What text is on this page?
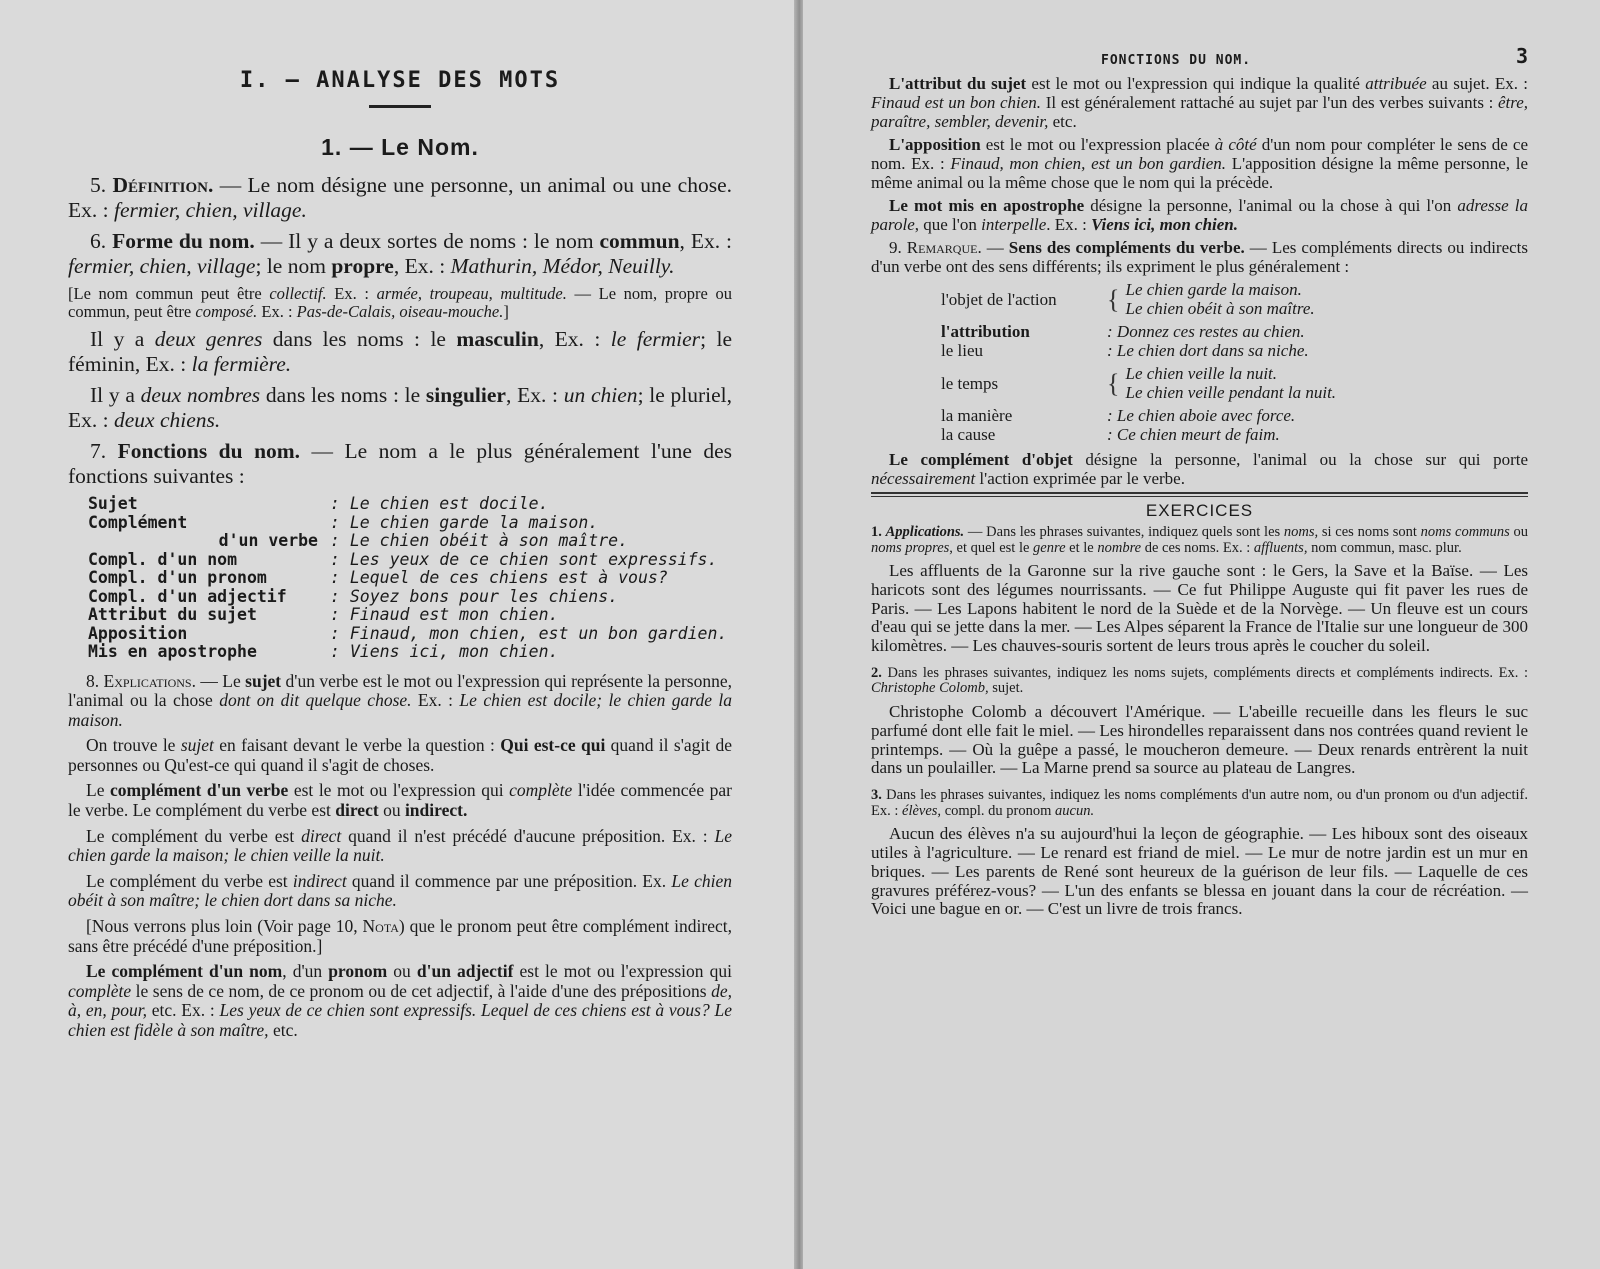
I. — ANALYSE DES MOTS
1. — Le Nom.

5. Définition. — Le nom désigne une personne, un animal ou une chose. Ex. : fermier, chien, village.

6. Forme du nom. — Il y a deux sortes de noms : le nom commun, Ex. : fermier, chien, village; le nom propre, Ex. : Mathurin, Médor, Neuilly.

[Le nom commun peut être collectif. Ex. : armée, troupeau, multitude. — Le nom, propre ou commun, peut être composé. Ex. : Pas-de-Calais, oiseau-mouche.]

Il y a deux genres dans les noms : le masculin, Ex. : le fermier; le féminin, Ex. : la fermière.

Il y a deux nombres dans les noms : le singulier, Ex. : un chien; le pluriel, Ex. : deux chiens.

7. Fonctions du nom. — Le nom a le plus généralement l'une des fonctions suivantes :

Sujet	: Le chien est docile.
Complément	: Le chien garde la maison.
d'un verbe	: Le chien obéit à son maître.
Compl. d'un nom	: Les yeux de ce chien sont expressifs.
Compl. d'un pronom	: Lequel de ces chiens est à vous?
Compl. d'un adjectif	: Soyez bons pour les chiens.
Attribut du sujet	: Finaud est mon chien.
Apposition	: Finaud, mon chien, est un bon gardien.
Mis en apostrophe	: Viens ici, mon chien.

8. Explications. — Le sujet d'un verbe est le mot ou l'expression qui représente la personne, l'animal ou la chose dont on dit quelque chose. Ex. : Le chien est docile; le chien garde la maison.

On trouve le sujet en faisant devant le verbe la question : Qui est-ce qui quand il s'agit de personnes ou Qu'est-ce qui quand il s'agit de choses.

Le complément d'un verbe est le mot ou l'expression qui complète l'idée commencée par le verbe. Le complément du verbe est direct ou indirect.

Le complément du verbe est direct quand il n'est précédé d'aucune préposition. Ex. : Le chien garde la maison; le chien veille la nuit.

Le complément du verbe est indirect quand il commence par une préposition. Ex. Le chien obéit à son maître; le chien dort dans sa niche.

[Nous verrons plus loin (Voir page 10, Nota) que le pronom peut être complément indirect, sans être précédé d'une préposition.]

Le complément d'un nom, d'un pronom ou d'un adjectif est le mot ou l'expression qui complète le sens de ce nom, de ce pronom ou de cet adjectif, à l'aide d'une des prépositions de, à, en, pour, etc. Ex. : Les yeux de ce chien sont expressifs. Lequel de ces chiens est à vous? Le chien est fidèle à son maître, etc.

FONCTIONS DU NOM.	3

L'attribut du sujet est le mot ou l'expression qui indique la qualité attribuée au sujet. Ex. : Finaud est un bon chien. Il est généralement rattaché au sujet par l'un des verbes suivants : être, paraître, sembler, devenir, etc.

L'apposition est le mot ou l'expression placée à côté d'un nom pour compléter le sens de ce nom. Ex. : Finaud, mon chien, est un bon gardien. L'apposition désigne la même personne, le même animal ou la même chose que le nom qui la précède.

Le mot mis en apostrophe désigne la personne, l'animal ou la chose à qui l'on adresse la parole, que l'on interpelle. Ex. : Viens ici, mon chien.

9. Remarque. — Sens des compléments du verbe. — Les compléments directs ou indirects d'un verbe ont des sens différents; ils expriment le plus généralement :

l'objet de l'action	{	Le chien garde la maison.
Le chien obéit à son maître.

l'attribution	: Donnez ces restes au chien.	
le lieu	: Le chien dort dans sa niche.	
le temps	{	Le chien veille la nuit.
Le chien veille pendant la nuit.

la manière	: Le chien aboie avec force.	
la cause	: Ce chien meurt de faim.	

Le complément d'objet désigne la personne, l'animal ou la chose sur qui porte nécessairement l'action exprimée par le verbe.

EXERCICES

1. Applications. — Dans les phrases suivantes, indiquez quels sont les noms, si ces noms sont noms communs ou noms propres, et quel est le genre et le nombre de ces noms. Ex. : affluents, nom commun, masc. plur.

Les affluents de la Garonne sur la rive gauche sont : le Gers, la Save et la Baïse. — Les haricots sont des légumes nourrissants. — Ce fut Philippe Auguste qui fit paver les rues de Paris. — Les Lapons habitent le nord de la Suède et de la Norvège. — Un fleuve est un cours d'eau qui se jette dans la mer. — Les Alpes séparent la France de l'Italie sur une longueur de 300 kilomètres. — Les chauves-souris sortent de leurs trous après le coucher du soleil.

2. Dans les phrases suivantes, indiquez les noms sujets, compléments directs et compléments indirects. Ex. : Christophe Colomb, sujet.

Christophe Colomb a découvert l'Amérique. — L'abeille recueille dans les fleurs le suc parfumé dont elle fait le miel. — Les hirondelles reparaissent dans nos contrées quand revient le printemps. — Où la guêpe a passé, le moucheron demeure. — Deux renards entrèrent la nuit dans un poulailler. — La Marne prend sa source au plateau de Langres.

3. Dans les phrases suivantes, indiquez les noms compléments d'un autre nom, ou d'un pronom ou d'un adjectif. Ex. : élèves, compl. du pronom aucun.

Aucun des élèves n'a su aujourd'hui la leçon de géographie. — Les hiboux sont des oiseaux utiles à l'agriculture. — Le renard est friand de miel. — Le mur de notre jardin est un mur en briques. — Les parents de René sont heureux de la guérison de leur fils. — Laquelle de ces gravures préférez-vous? — L'un des enfants se blessa en jouant dans la cour de récréation. — Voici une bague en or. — C'est un livre de trois francs.
